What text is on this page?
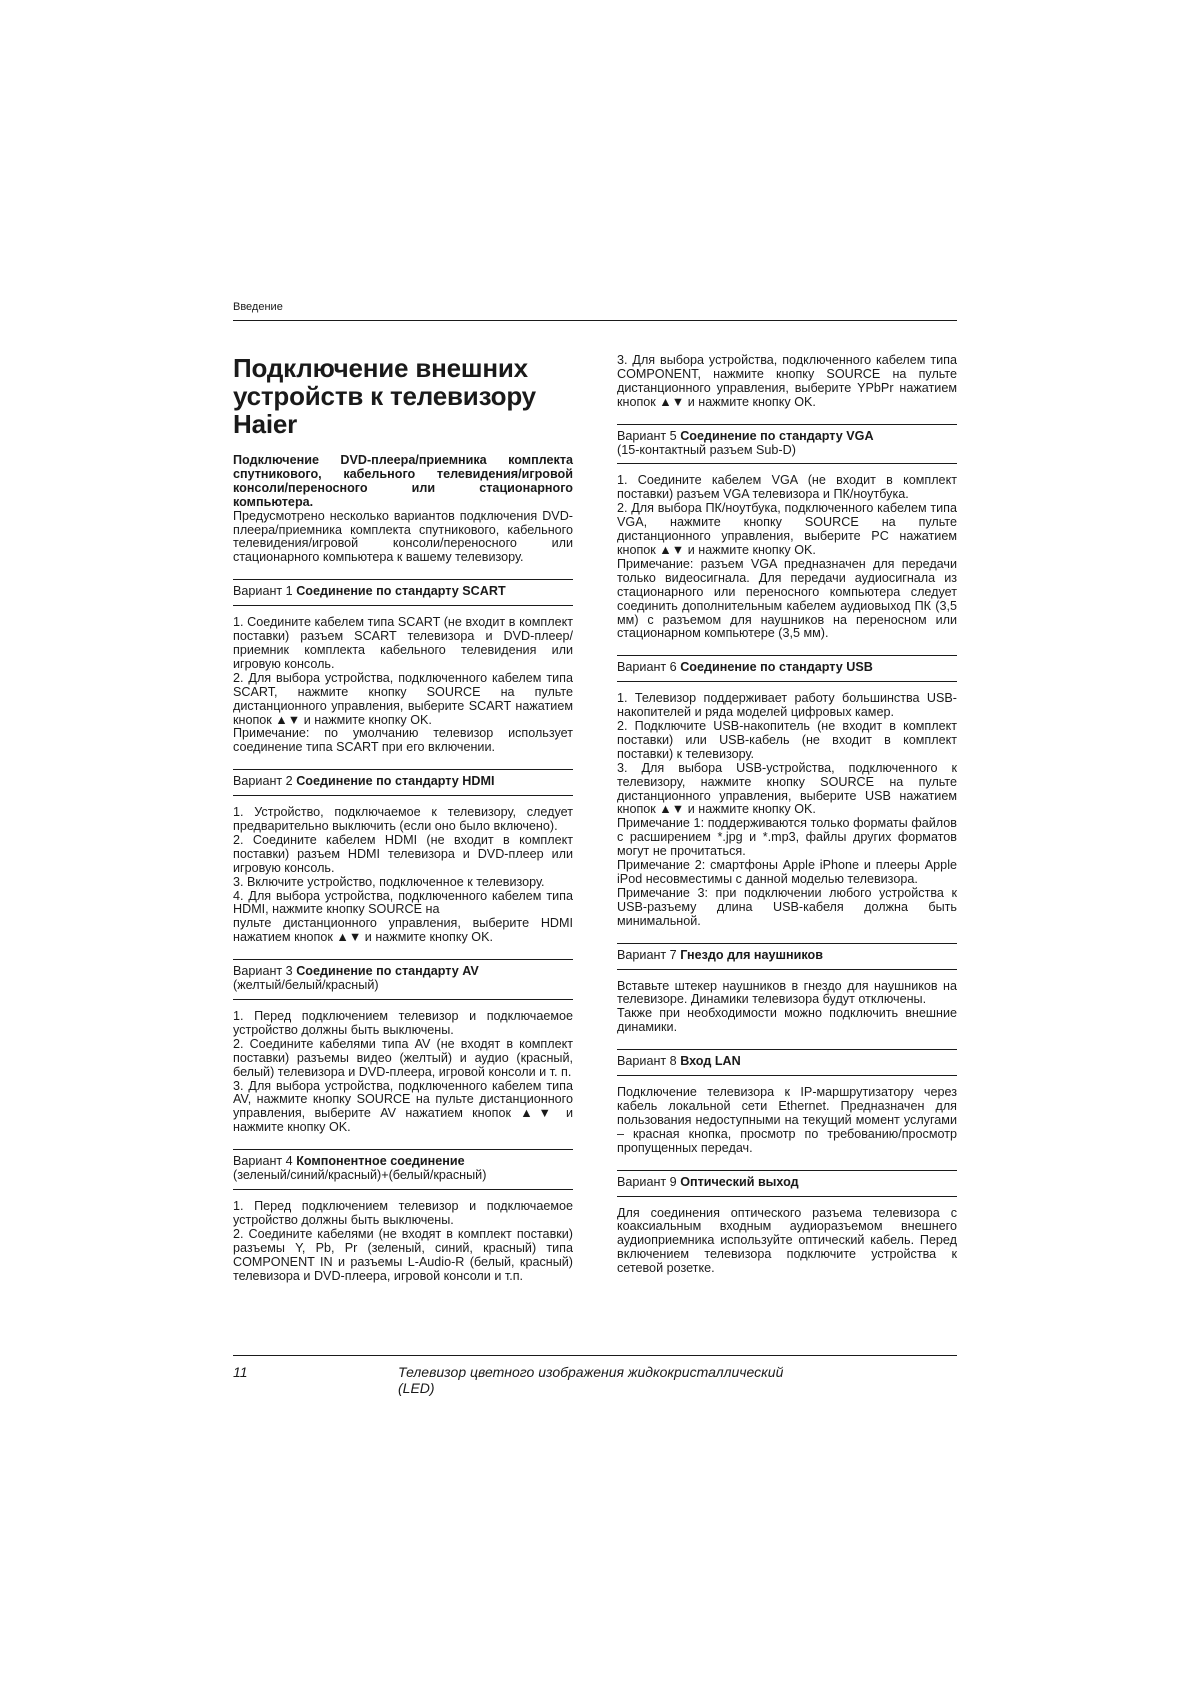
Введение
Подключение внешних устройств к телевизору Haier

Подключение DVD-плеера/приемника комплекта спутникового, кабельного телевидения/игровой консоли/переносного или стационарного компьютера.

Предусмотрено несколько вариантов подключения DVD-плеера/приемника комплекта спутникового, кабельного телевидения/игровой консоли/переносного или стационарного компьютера к вашему телевизору.

Вариант 1 Соединение по стандарту SCART

1. Соедините кабелем типа SCART (не входит в комплект поставки) разъем SCART телевизора и DVD-плеер/приемник комплекта кабельного телевидения или игровую консоль.

2. Для выбора устройства, подключенного кабелем типа SCART, нажмите кнопку SOURCE на пульте дистанционного управления, выберите SCART нажатием кнопок ▲▼ и нажмите кнопку OK.

Примечание: по умолчанию телевизор использует соединение типа SCART при его включении.

Вариант 2 Соединение по стандарту HDMI

1. Устройство, подключаемое к телевизору, следует предварительно выключить (если оно было включено).

2. Соедините кабелем HDMI (не входит в комплект поставки) разъем HDMI телевизора и DVD-плеер или игровую консоль.

3. Включите устройство, подключенное к телевизору.

4. Для выбора устройства, подключенного кабелем типа HDMI, нажмите кнопку SOURCE на

пульте дистанционного управления, выберите HDMI нажатием кнопок ▲▼ и нажмите кнопку OK.

Вариант 3 Соединение по стандарту AV
(желтый/белый/красный)

1. Перед подключением телевизор и подключаемое устройство должны быть выключены.

2. Соедините кабелями типа AV (не входят в комплект поставки) разъемы видео (желтый) и аудио (красный, белый) телевизора и DVD-плеера, игровой консоли и т. п.

3. Для выбора устройства, подключенного кабелем типа AV, нажмите кнопку SOURCE на пульте дистанционного управления, выберите AV нажатием кнопок ▲▼ и нажмите кнопку OK.

Вариант 4 Компонентное соединение
(зеленый/синий/красный)+(белый/красный)

1. Перед подключением телевизор и подключаемое устройство должны быть выключены.

2. Соедините кабелями (не входят в комплект поставки) разъемы Y, Pb, Pr (зеленый, синий, красный) типа COMPONENT IN и разъемы L-Audio-R (белый, красный) телевизора и DVD-плеера, игровой консоли и т.п.

3. Для выбора устройства, подключенного кабелем типа COMPONENT, нажмите кнопку SOURCE на пульте дистанционного управления, выберите YPbPr нажатием кнопок ▲▼ и нажмите кнопку OK.

Вариант 5 Соединение по стандарту VGA
(15-контактный разъем Sub-D)

1. Соедините кабелем VGA (не входит в комплект поставки) разъем VGA телевизора и ПК/ноутбука.

2. Для выбора ПК/ноутбука, подключенного кабелем типа VGA, нажмите кнопку SOURCE на пульте дистанционного управления, выберите PC нажатием кнопок ▲▼ и нажмите кнопку OK.

Примечание: разъем VGA предназначен для передачи только видеосигнала. Для передачи аудиосигнала из стационарного или переносного компьютера следует соединить дополнительным кабелем аудиовыход ПК (3,5 мм) с разъемом для наушников на переносном или стационарном компьютере (3,5 мм).

Вариант 6 Соединение по стандарту USB

1. Телевизор поддерживает работу большинства USB-накопителей и ряда моделей цифровых камер.

2. Подключите USB-накопитель (не входит в комплект поставки) или USB-кабель (не входит в комплект поставки) к телевизору.

3. Для выбора USB-устройства, подключенного к телевизору, нажмите кнопку SOURCE на пульте дистанционного управления, выберите USB нажатием кнопок ▲▼ и нажмите кнопку OK.

Примечание 1: поддерживаются только форматы файлов с расширением *.jpg и *.mp3, файлы других форматов могут не прочитаться.

Примечание 2: смартфоны Apple iPhone и плееры Apple iPod несовместимы с данной моделью телевизора.

Примечание 3: при подключении любого устройства к USB-разъему длина USB-кабеля должна быть минимальной.

Вариант 7 Гнездо для наушников

Вставьте штекер наушников в гнездо для наушников на телевизоре. Динамики телевизора будут отключены.

Также при необходимости можно подключить внешние динамики.

Вариант 8 Вход LAN

Подключение телевизора к IP-маршрутизатору через кабель локальной сети Ethernet. Предназначен для пользования недоступными на текущий момент услугами – красная кнопка, просмотр по требованию/просмотр пропущенных передач.

Вариант 9 Оптический выход

Для соединения оптического разъема телевизора с коаксиальным входным аудиоразъемом внешнего аудиоприемника используйте оптический кабель. Перед включением телевизора подключите устройства к сетевой розетке.

11	Телевизор цветного изображения жидкокристаллический (LED)
